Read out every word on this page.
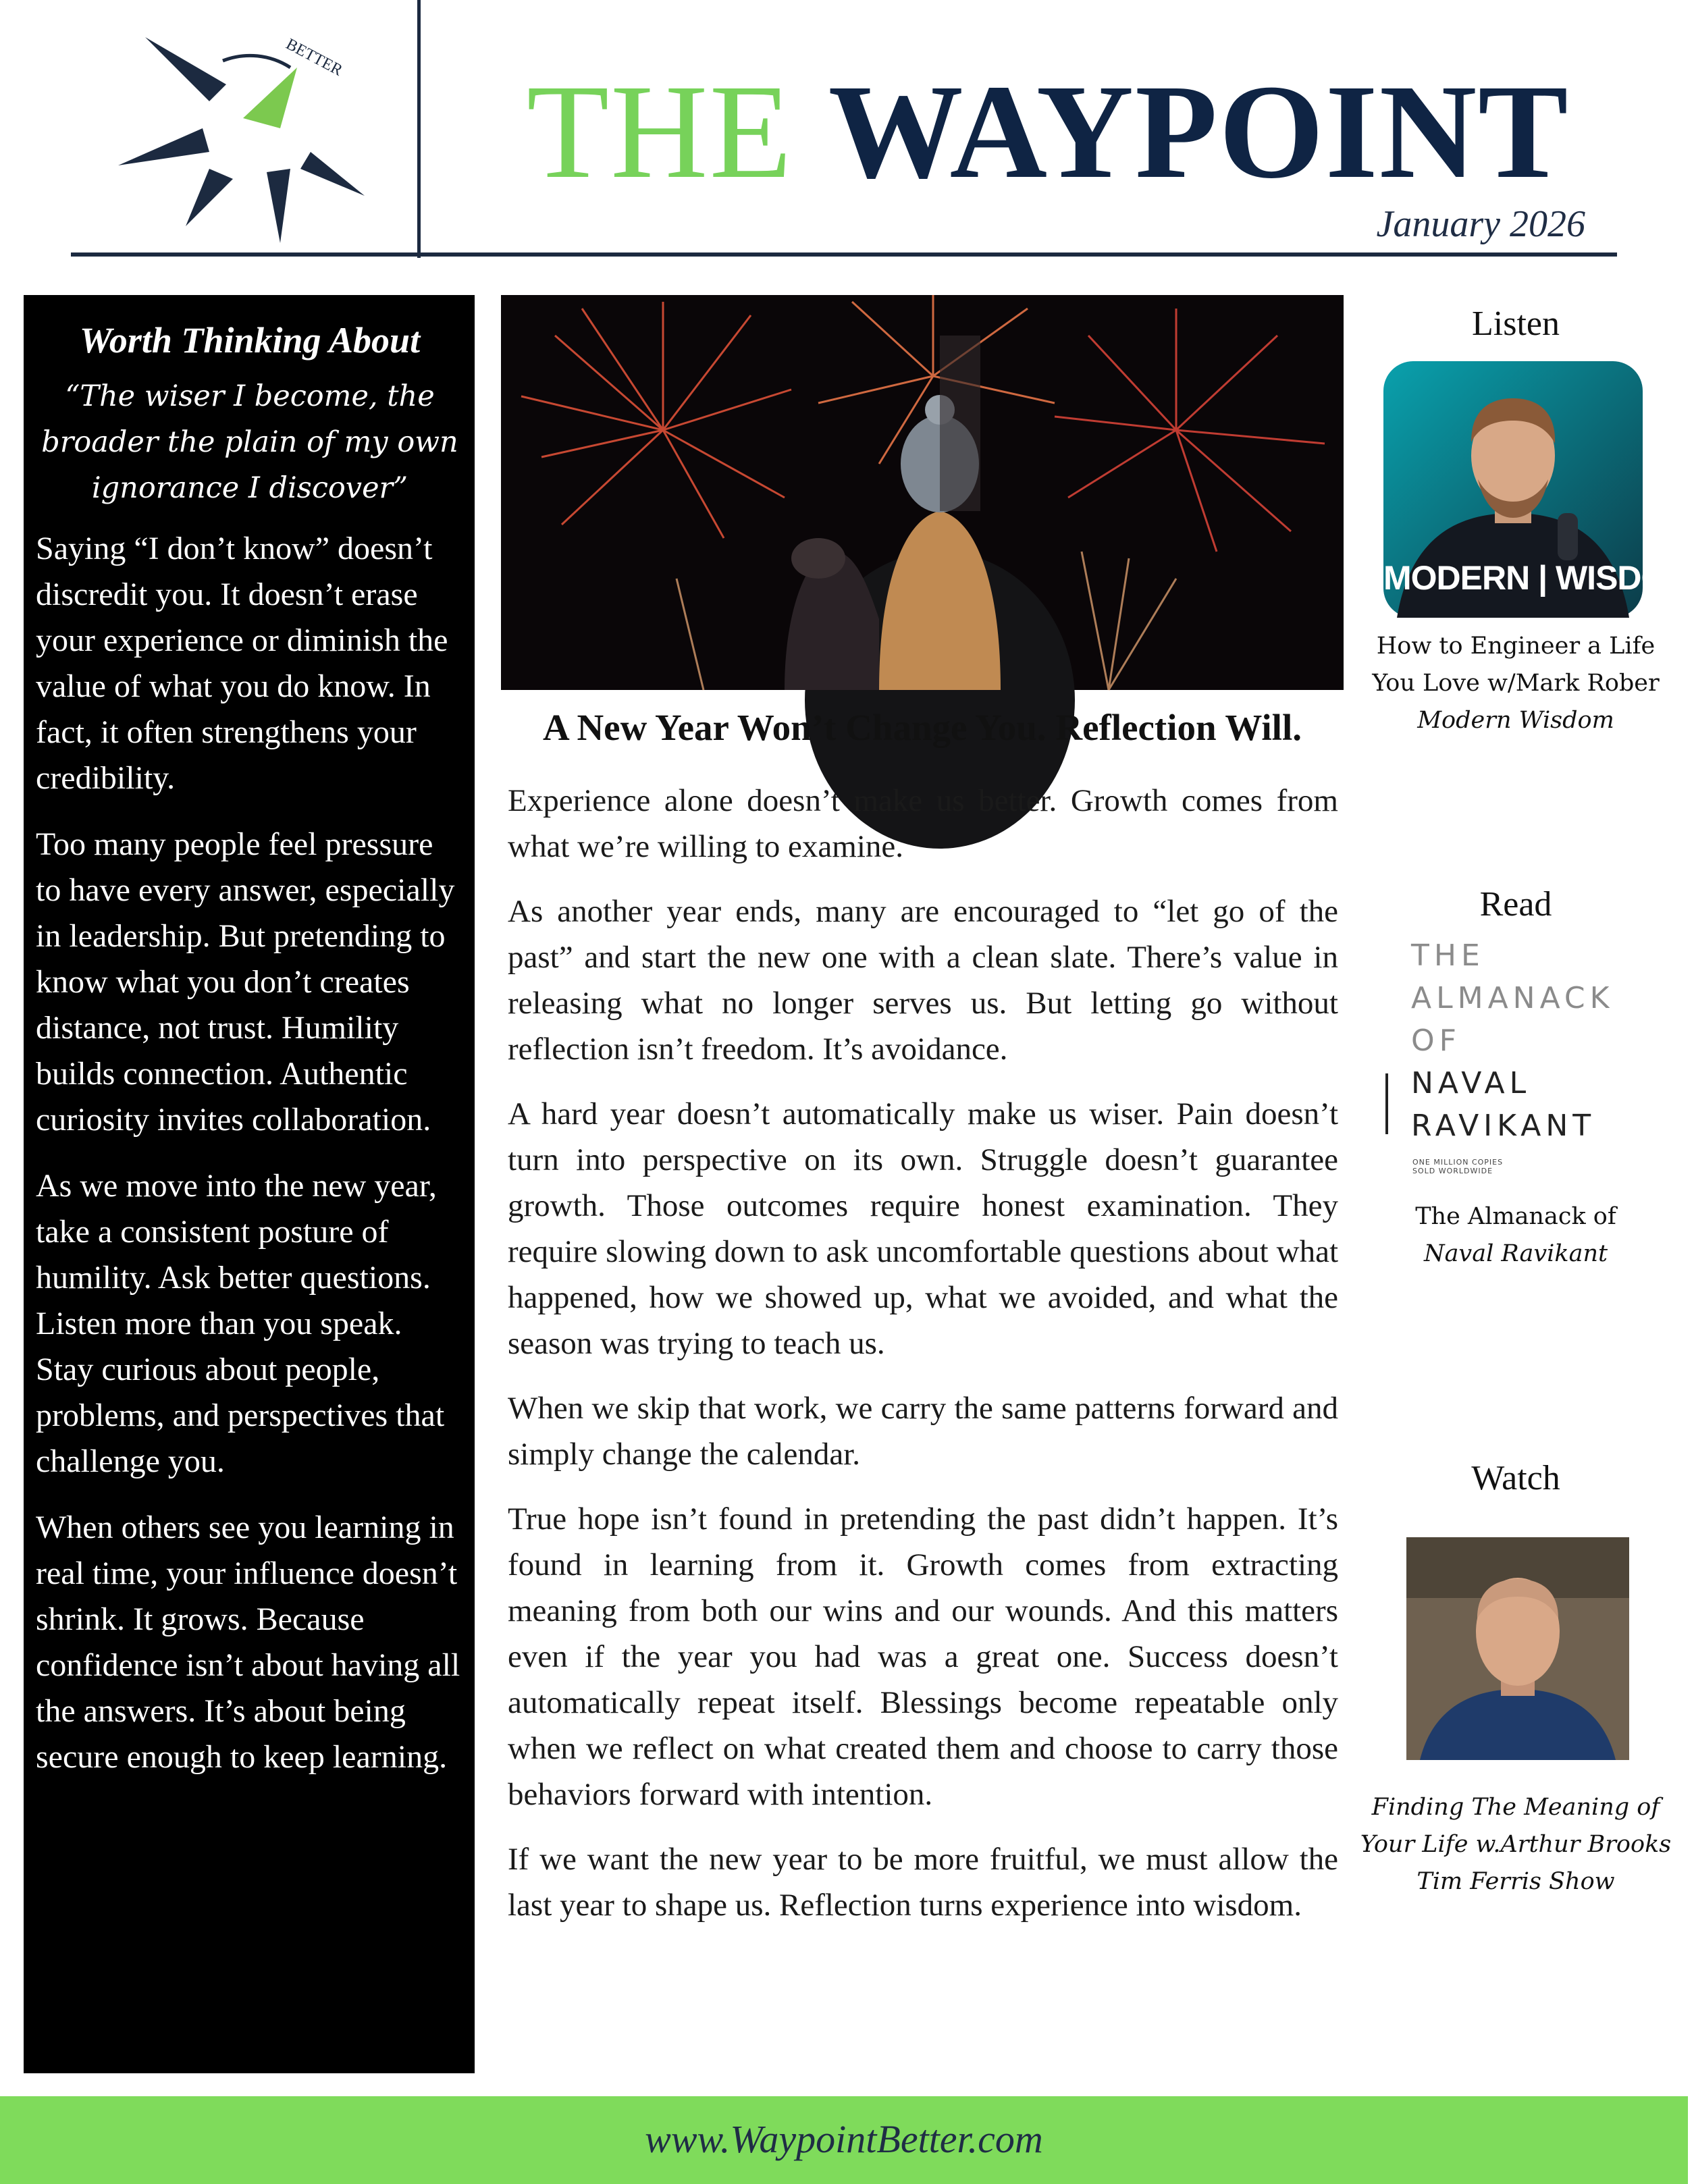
BETTER THE WAYPOINT
January 2026
Worth Thinking About

“The wiser I become, the broader the plain of my own ignorance I discover”

Saying “I don’t know” doesn’t discredit you. It doesn’t erase your experience or diminish the value of what you do know. In fact, it often strengthens your credibility.

Too many people feel pressure to have every answer, especially in leadership. But pretending to know what you don’t creates distance, not trust. Humility builds connection. Authentic curiosity invites collaboration.

As we move into the new year, take a consistent posture of humility. Ask better questions. Listen more than you speak. Stay curious about people, problems, and perspectives that challenge you.

When others see you learning in real time, your influence doesn’t shrink. It grows. Because confidence isn’t about having all the answers. It’s about being secure enough to keep learning.

A New Year Won’t Change You. Reflection Will.

Experience alone doesn’t make us better. Growth comes from what we’re willing to examine.

As another year ends, many are encouraged to “let go of the past” and start the new one with a clean slate. There’s value in releasing what no longer serves us. But letting go without reflection isn’t freedom. It’s avoidance.

A hard year doesn’t automatically make us wiser. Pain doesn’t turn into perspective on its own. Struggle doesn’t guarantee growth. Those outcomes require honest examination. They require slowing down to ask uncomfortable questions about what happened, how we showed up, what we avoided, and what the season was trying to teach us.

When we skip that work, we carry the same patterns forward and simply change the calendar.

True hope isn’t found in pretending the past didn’t happen. It’s found in learning from it. Growth comes from extracting meaning from both our wins and our wounds. And this matters even if the year you had was a great one. Success doesn’t automatically repeat itself. Blessings become repeatable only when we reflect on what created them and choose to carry those behaviors forward with intention.

If we want the new year to be more fruitful, we must allow the last year to shape us. Reflection turns experience into wisdom.

Listen
MODERN | WISDOM

How to Engineer a Life You Love w/Mark Rober
Modern Wisdom

Read
THE
ALMANACK
OF
NAVAL
RAVIKANT
ONE MILLION COPIES
SOLD WORLDWIDE

The Almanack of
Naval Ravikant

Watch

Finding The Meaning of Your Life w.Arthur Brooks
Tim Ferris Show

www.WaypointBetter.com
